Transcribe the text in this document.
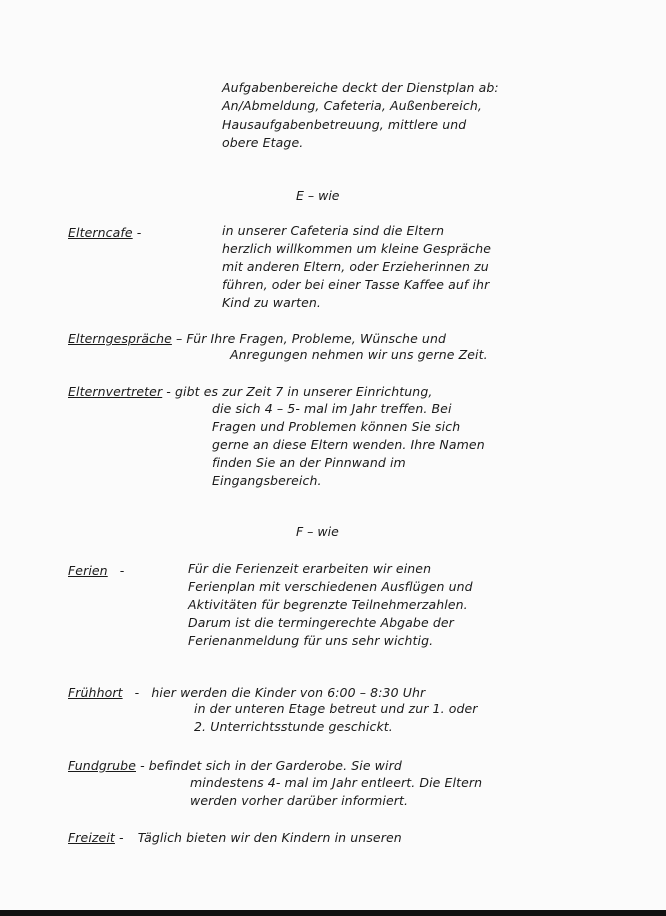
Aufgabenbereiche deckt der Dienstplan ab:
An/Abmeldung, Cafeteria, Außenbereich,
Hausaufgabenbetreuung, mittlere und
obere Etage.
E – wie
Elterncafe -	in unserer Cafeteria sind die Eltern
herzlich willkommen um kleine Gespräche
mit anderen Eltern, oder Erzieherinnen zu
führen, oder bei einer Tasse Kaffee auf ihr
Kind zu warten.
Elterngespräche – Für Ihre Fragen, Probleme, Wünsche und
Anregungen nehmen wir uns gerne Zeit.
Elternvertreter - gibt es zur Zeit 7 in unserer Einrichtung,
die sich 4 – 5- mal im Jahr treffen. Bei
Fragen und Problemen können Sie sich
gerne an diese Eltern wenden. Ihre Namen
finden Sie an der Pinnwand im
Eingangsbereich.
F – wie
Ferien -	Für die Ferienzeit erarbeiten wir einen
Ferienplan mit verschiedenen Ausflügen und
Aktivitäten für begrenzte Teilnehmerzahlen.
Darum ist die termingerechte Abgabe der
Ferienanmeldung für uns sehr wichtig.
Frühhort - hier werden die Kinder von 6:00 – 8:30 Uhr
in der unteren Etage betreut und zur 1. oder
2. Unterrichtsstunde geschickt.
Fundgrube - befindet sich in der Garderobe. Sie wird
mindestens 4- mal im Jahr entleert. Die Eltern
werden vorher darüber informiert.
Freizeit - Täglich bieten wir den Kindern in unseren
